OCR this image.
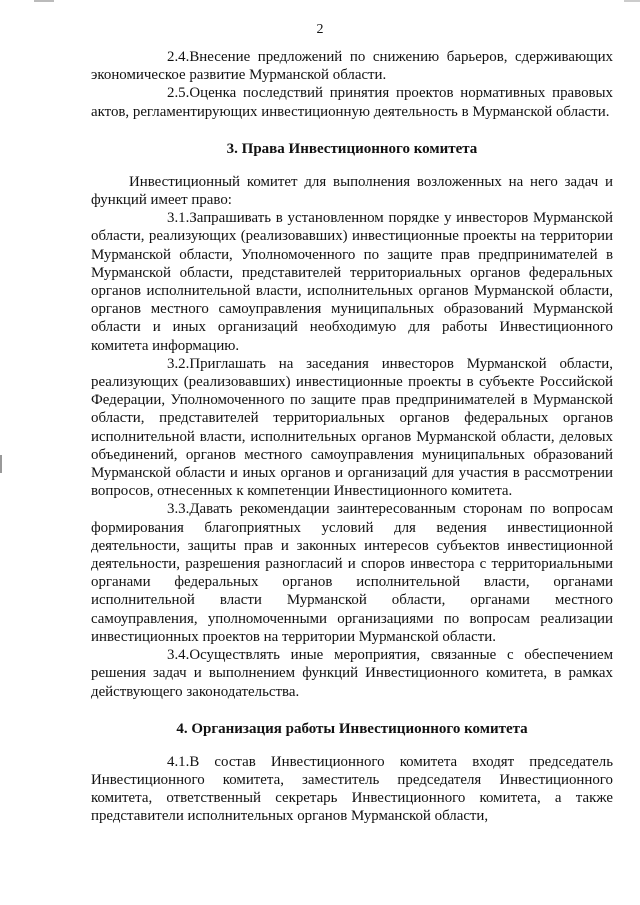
2

2.4.Внесение предложений по снижению барьеров, сдерживающих экономическое развитие Мурманской области.

2.5.Оценка последствий принятия проектов нормативных правовых актов, регламентирующих инвестиционную деятельность в Мурманской области.

3. Права Инвестиционного комитета

Инвестиционный комитет для выполнения возложенных на него задач и функций имеет право:

3.1.Запрашивать в установленном порядке у инвесторов Мурманской области, реализующих (реализовавших) инвестиционные проекты на территории Мурманской области, Уполномоченного по защите прав предпринимателей в Мурманской области, представителей территориальных органов федеральных органов исполнительной власти, исполнительных органов Мурманской области, органов местного самоуправления муниципальных образований Мурманской области и иных организаций необходимую для работы Инвестиционного комитета информацию.

3.2.Приглашать на заседания инвесторов Мурманской области, реализующих (реализовавших) инвестиционные проекты в субъекте Российской Федерации, Уполномоченного по защите прав предпринимателей в Мурманской области, представителей территориальных органов федеральных органов исполнительной власти, исполнительных органов Мурманской области, деловых объединений, органов местного самоуправления муниципальных образований Мурманской области и иных органов и организаций для участия в рассмотрении вопросов, отнесенных к компетенции Инвестиционного комитета.

3.3.Давать рекомендации заинтересованным сторонам по вопросам формирования благоприятных условий для ведения инвестиционной деятельности, защиты прав и законных интересов субъектов инвестиционной деятельности, разрешения разногласий и споров инвестора с территориальными органами федеральных органов исполнительной власти, органами исполнительной власти Мурманской области, органами местного самоуправления, уполномоченными организациями по вопросам реализации инвестиционных проектов на территории Мурманской области.

3.4.Осуществлять иные мероприятия, связанные с обеспечением решения задач и выполнением функций Инвестиционного комитета, в рамках действующего законодательства.

4. Организация работы Инвестиционного комитета

4.1.В состав Инвестиционного комитета входят председатель Инвестиционного комитета, заместитель председателя Инвестиционного комитета, ответственный секретарь Инвестиционного комитета, а также представители исполнительных органов Мурманской области,
